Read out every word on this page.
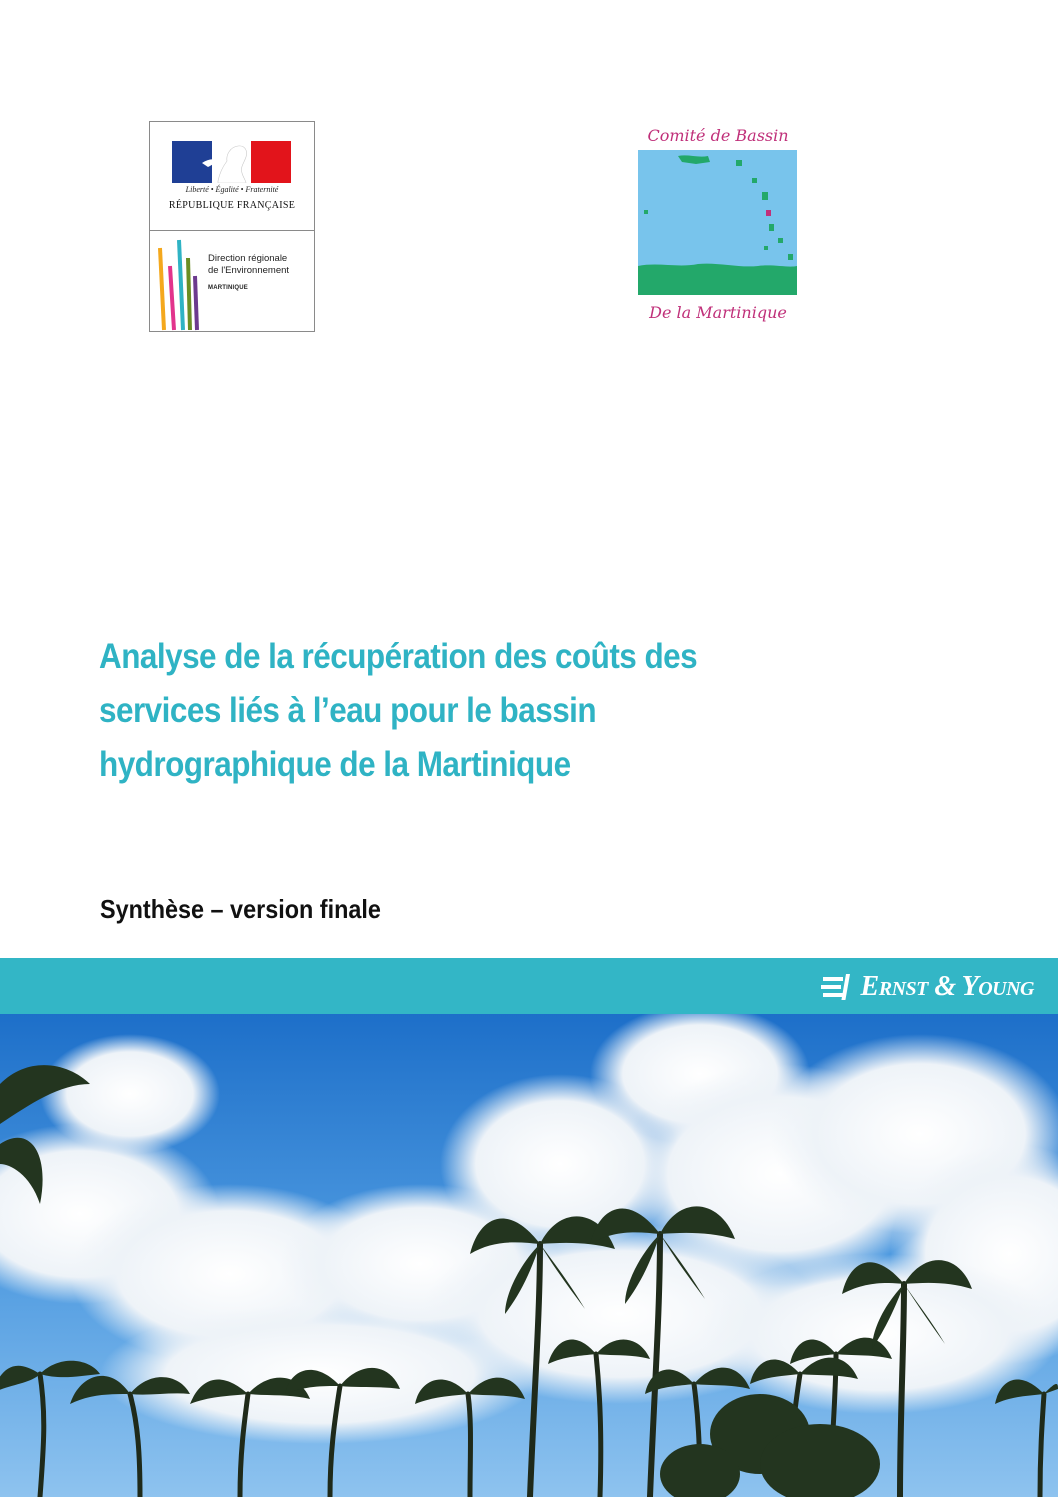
Liberté • Égalité • Fraternité
RÉPUBLIQUE FRANÇAISE
Direction régionale
de l'Environnement
MARTINIQUE
Comité de Bassin
De la Martinique
Analyse de la récupération des coûts des
services liés à l’eau pour le bassin
hydrographique de la Martinique
Synthèse – version finale
Ernst & Young
